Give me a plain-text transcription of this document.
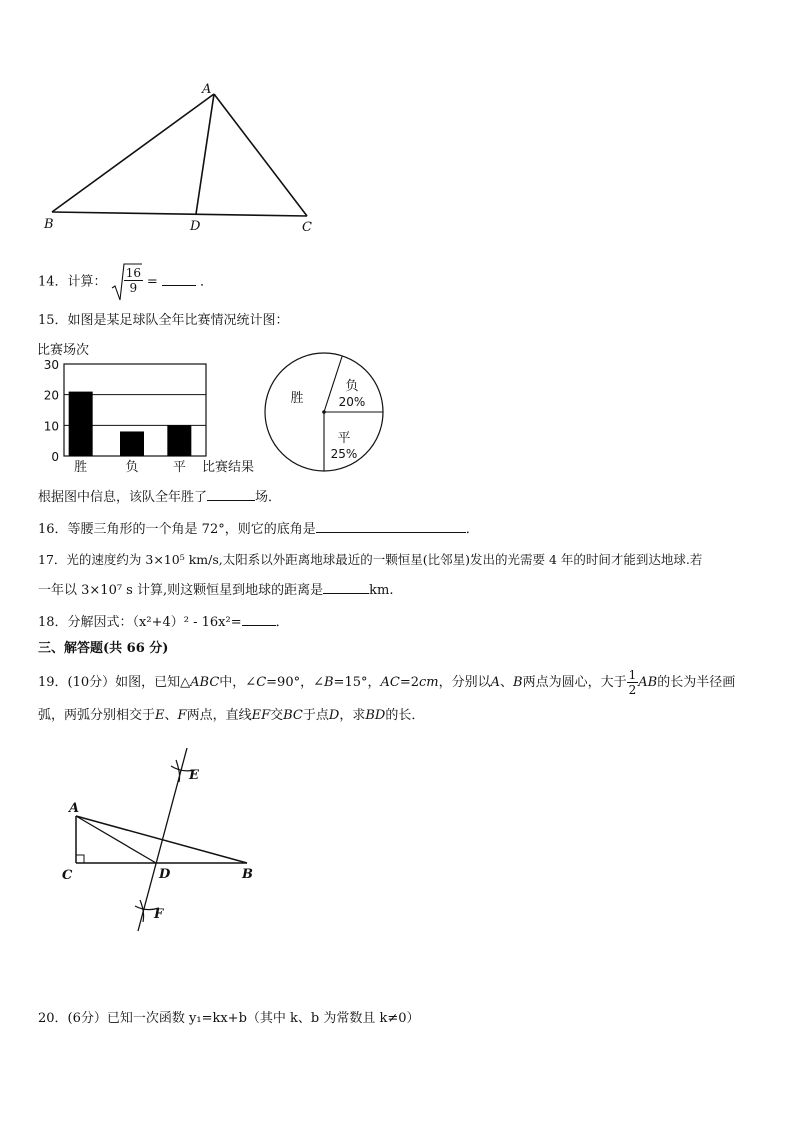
A
B	D	C
14．计算： $\frac{16}{9}$ =	．
15．如图是某足球队全年比赛情况统计图：
比赛场次
0
10
20
30
胜	负	平 比赛结果
胜
负
20%
平
25%
根据图中信息，该队全年胜了	场．
16．等腰三角形的一个角是 72°，则它的底角是	．
17．光的速度约为 3×10⁵ km/s,太阳系以外距离地球最近的一颗恒星(比邻星)发出的光需要 4 年的时间才能到达地球.若
一年以 3×10⁷ s 计算,则这颗恒星到地球的距离是	km.
18．分解因式：（x²+4）² - 16x²=	．
三、解答题(共 66 分)
19．(10分）如图，已知△ABC中，∠C=90°，∠B=15°，AC=2cm，分别以A、B两点为圆心，大于 $\frac{1}{2}$ AB的长为半径画
弧，两弧分别相交于E、F两点，直线EF交BC于点D，求BD的长．
A
C	D	B
E
F
20．(6分）已知一次函数 y₁=kx+b（其中 k、b 为常数且 k≠0）
